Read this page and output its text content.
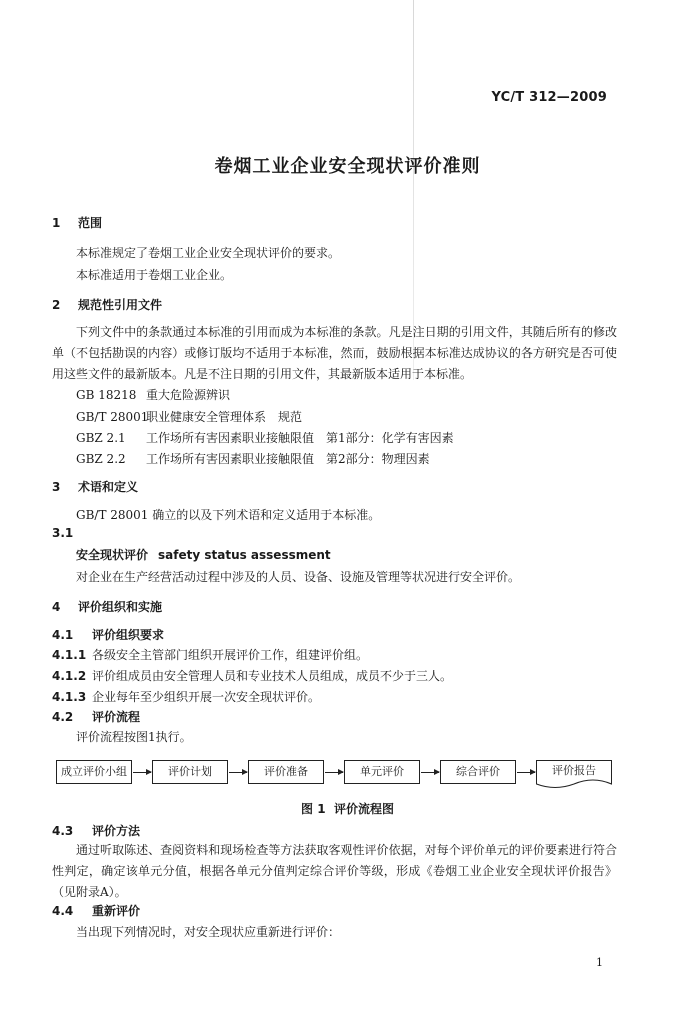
YC/T 312—2009
卷烟工业企业安全现状评价准则
1 范围
本标准规定了卷烟工业企业安全现状评价的要求。
本标准适用于卷烟工业企业。
2 规范性引用文件
下列文件中的条款通过本标准的引用而成为本标准的条款。凡是注日期的引用文件，其随后所有的修改单（不包括勘误的内容）或修订版均不适用于本标准，然而，鼓励根据本标准达成协议的各方研究是否可使用这些文件的最新版本。凡是不注日期的引用文件，其最新版本适用于本标准。
GB 18218 重大危险源辨识
GB/T 28001职业健康安全管理体系　规范
GBZ 2.1 工作场所有害因素职业接触限值　第1部分：化学有害因素
GBZ 2.2 工作场所有害因素职业接触限值　第2部分：物理因素
3 术语和定义
GB/T 28001 确立的以及下列术语和定义适用于本标准。
3.1
安全现状评价 safety status assessment
对企业在生产经营活动过程中涉及的人员、设备、设施及管理等状况进行安全评价。
4 评价组织和实施
4.1 评价组织要求
4.1.1 各级安全主管部门组织开展评价工作，组建评价组。
4.1.2 评价组成员由安全管理人员和专业技术人员组成，成员不少于三人。
4.1.3 企业每年至少组织开展一次安全现状评价。
4.2 评价流程
评价流程按图1执行。
成立评价小组	评价计划	评价准备	单元评价	综合评价	评价报告
图 1 评价流程图
4.3 评价方法
通过听取陈述、查阅资料和现场检查等方法获取客观性评价依据，对每个评价单元的评价要素进行符合性判定，确定该单元分值，根据各单元分值判定综合评价等级，形成《卷烟工业企业安全现状评价报告》（见附录A）。
4.4 重新评价
当出现下列情况时，对安全现状应重新进行评价：
1
